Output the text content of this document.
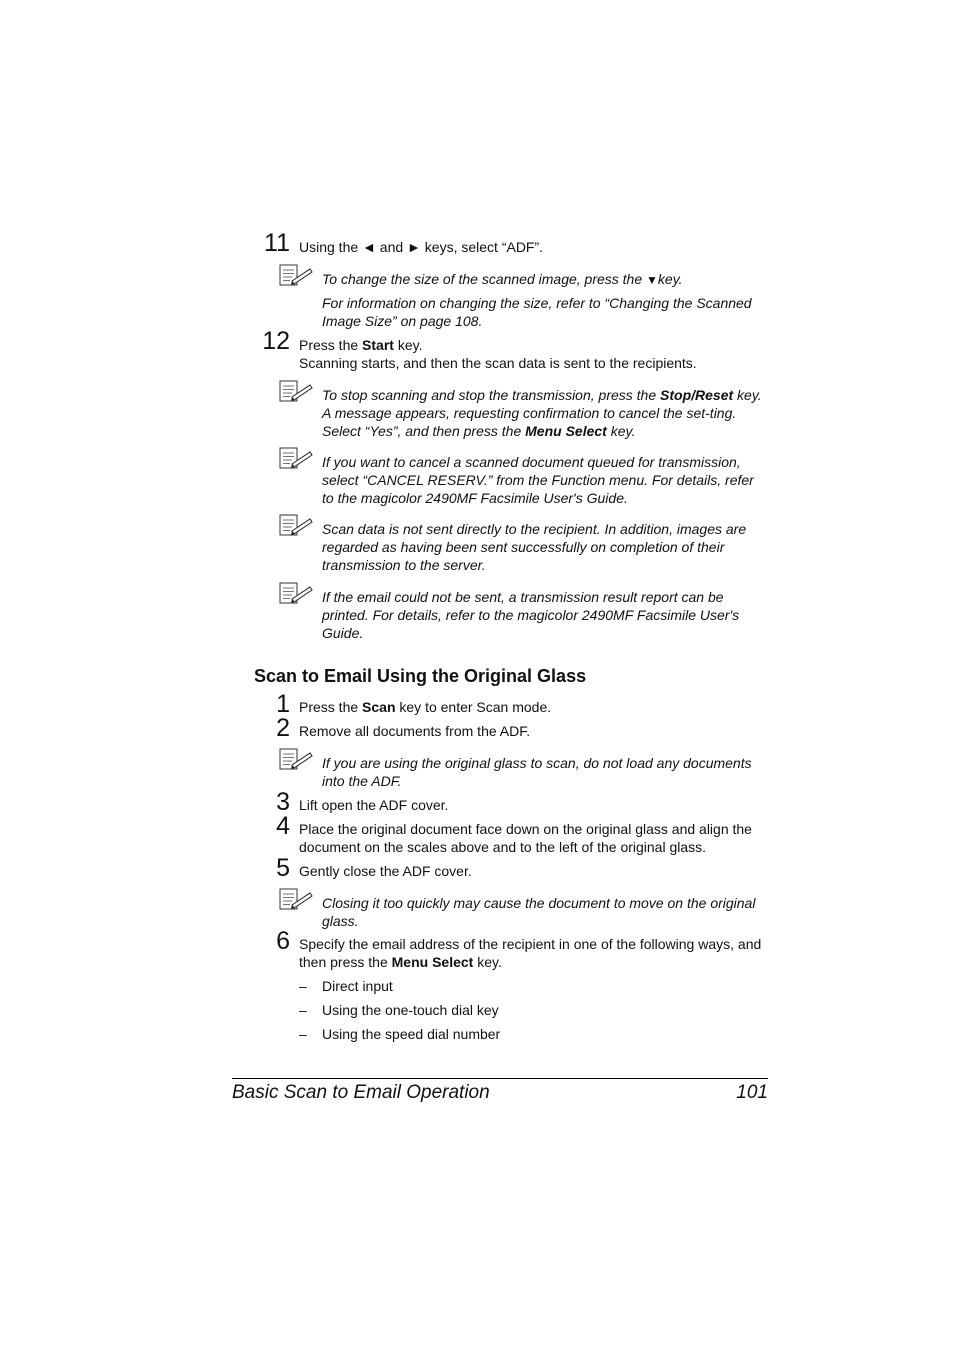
11 Using the ◄ and ► keys, select “ADF”.
To change the size of the scanned image, press the ▼key.
For information on changing the size, refer to “Changing the Scanned Image Size” on page 108.
12 Press the Start key.
Scanning starts, and then the scan data is sent to the recipients.
To stop scanning and stop the transmission, press the Stop/Reset key. A message appears, requesting confirmation to cancel the set-ting. Select “Yes”, and then press the Menu Select key.
If you want to cancel a scanned document queued for transmission, select “CANCEL RESERV.” from the Function menu. For details, refer to the magicolor 2490MF Facsimile User's Guide.
Scan data is not sent directly to the recipient. In addition, images are regarded as having been sent successfully on completion of their transmission to the server.
If the email could not be sent, a transmission result report can be printed. For details, refer to the magicolor 2490MF Facsimile User's Guide.
Scan to Email Using the Original Glass
1 Press the Scan key to enter Scan mode.
2 Remove all documents from the ADF.
If you are using the original glass to scan, do not load any documents into the ADF.
3 Lift open the ADF cover.
4 Place the original document face down on the original glass and align the document on the scales above and to the left of the original glass.
5 Gently close the ADF cover.
Closing it too quickly may cause the document to move on the original glass.
6 Specify the email address of the recipient in one of the following ways, and then press the Menu Select key.
– Direct input
– Using the one-touch dial key
– Using the speed dial number
Basic Scan to Email Operation	101
